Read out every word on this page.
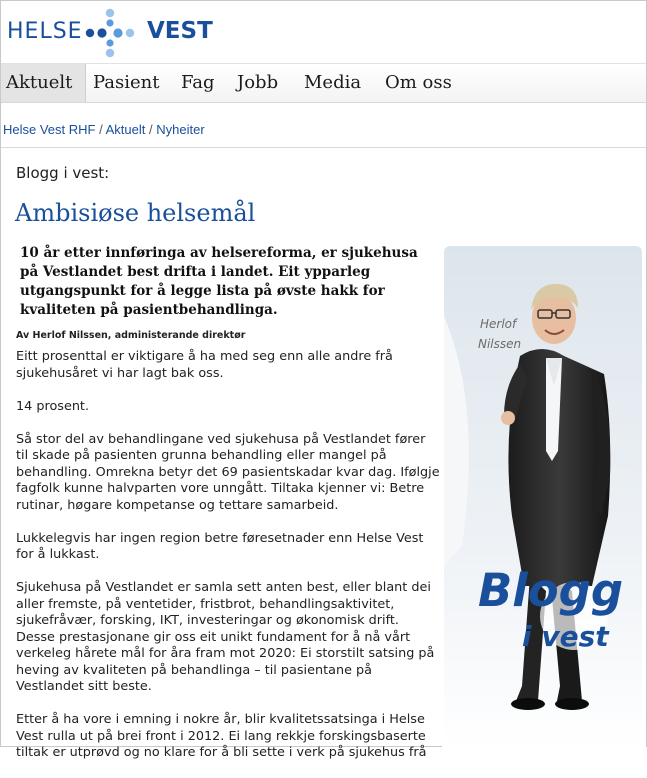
HELSE	VEST
Aktuelt	Pasient Fag Jobb Media Om oss
Helse Vest RHF / Aktuelt / Nyheiter
Blogg i vest:
Ambisiøse helsemål
10 år etter innføringa av helsereforma, er sjukehusa på Vestlandet best drifta i landet. Eit ypparleg utgangspunkt for å legge lista på øvste hakk for kvaliteten på pasientbehandlinga.
Av Herlof Nilssen, administerande direktør

Eitt prosenttal er viktigare å ha med seg enn alle andre frå sjukehusåret vi har lagt bak oss.

14 prosent.

Så stor del av behandlingane ved sjukehusa på Vestlandet fører til skade på pasienten grunna behandling eller mangel på behandling. Omrekna betyr det 69 pasientskadar kvar dag. Ifølgje fagfolk kunne halvparten vore unngått. Tiltaka kjenner vi: Betre rutinar, høgare kompetanse og tettare samarbeid.

Lukkelegvis har ingen region betre føresetnader enn Helse Vest for å lukkast.

Sjukehusa på Vestlandet er samla sett anten best, eller blant dei aller fremste, på ventetider, fristbrot, behandlingsaktivitet, sjukefråvær, forsking, IKT, investeringar og økonomisk drift. Desse prestasjonane gir oss eit unikt fundament for å nå vårt verkeleg hårete mål for åra fram mot 2020: Ei storstilt satsing på heving av kvaliteten på behandlinga – til pasientane på Vestlandet sitt beste.

Etter å ha vore i emning i nokre år, blir kvalitetssatsinga i Helse Vest rulla ut på brei front i 2012. Ei lang rekkje forskingsbaserte tiltak er utprøvd og no klare for å bli sette i verk på sjukehus frå

Herlof
Nilssen
Blogg
i vest
